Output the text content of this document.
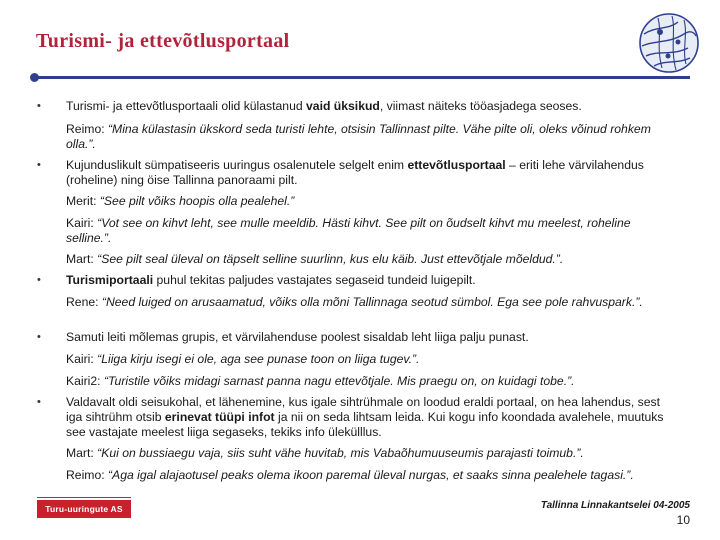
Turismi- ja ettevõtlusportaal
• Turismi- ja ettevõtlusportaali olid külastanud vaid üksikud, viimast näiteks tööasjadega seoses.
Reimo: “Mina külastasin ükskord seda turisti lehte, otsisin Tallinnast pilte. Vähe pilte oli, oleks võinud rohkem olla.”.
• Kujunduslikult sümpatiseeris uuringus osalenutele selgelt enim ettevõtlusportaal – eriti lehe värvilahendus (roheline) ning öise Tallinna panoraami pilt.
Merit: “See pilt võiks hoopis olla pealehel.”
Kairi: “Vot see on kihvt leht, see mulle meeldib. Hästi kihvt. See pilt on õudselt kihvt mu meelest, roheline selline.”.
Mart: “See pilt seal üleval on täpselt selline suurlinn, kus elu käib. Just ettevõtjale mõeldud.”.
• Turismiportaali puhul tekitas paljudes vastajates segaseid tundeid luigepilt.
Rene: “Need luiged on arusaamatud, võiks olla mõni Tallinnaga seotud sümbol. Ega see pole rahvuspark.”.
• Samuti leiti mõlemas grupis, et värvilahenduse poolest sisaldab leht liiga palju punast.
Kairi: “Liiga kirju isegi ei ole, aga see punase toon on liiga tugev.”.
Kairi2: “Turistile võiks midagi sarnast panna nagu ettevõtjale. Mis praegu on, on kuidagi tobe.”.
• Valdavalt oldi seisukohal, et lähenemine, kus igale sihtrühmale on loodud eraldi portaal, on hea lahendus, sest iga sihtrühm otsib erinevat tüüpi infot ja nii on seda lihtsam leida. Kui kogu info koondada avalehele, muutuks see vastajate meelest liiga segaseks, tekiks info ülekülllus.
Mart: “Kui on bussiaegu vaja, siis suht vähe huvitab, mis Vabaõhumuuseumis parajasti toimub.”.
Reimo: “Aga igal alajaotusel peaks olema ikoon paremal üleval nurgas, et saaks sinna pealehele tagasi.”.
Turu-uuringute AS	Tallinna Linnakantselei 04-2005
10
